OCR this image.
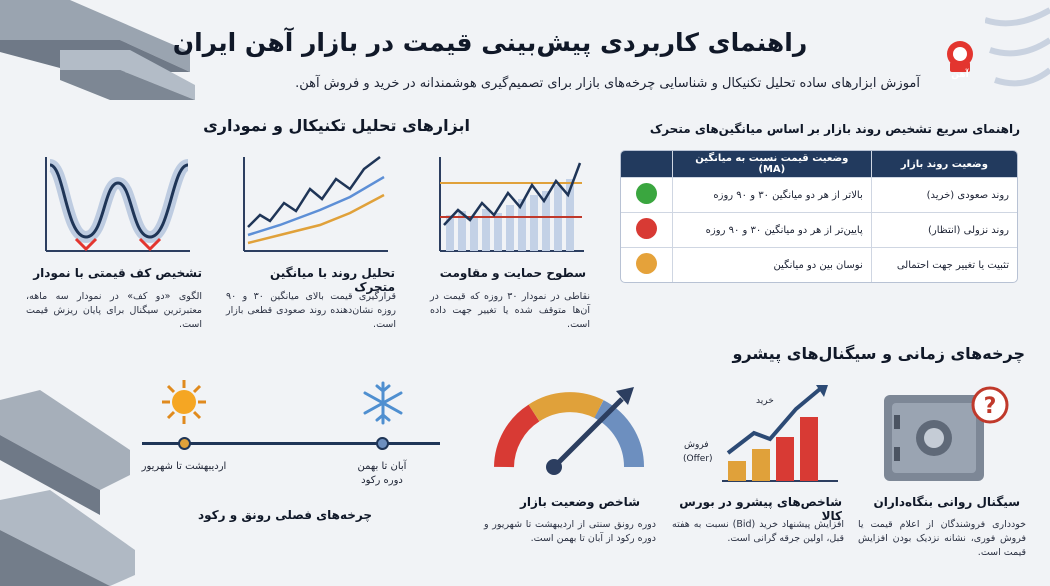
آهن
راهنمای کاربردی پیش‌بینی قیمت در بازار آهن ایران
آموزش ابزارهای ساده تحلیل تکنیکال و شناسایی چرخه‌های بازار برای تصمیم‌گیری هوشمندانه در خرید و فروش آهن.
ابزارهای تحلیل تکنیکال و نموداری
سطوح حمایت و مقاومت
نقاطی در نمودار ۳۰ روزه که قیمت در آن‌ها متوقف شده یا تغییر جهت داده است.
تحلیل روند با میانگین متحرک
قرارگیری قیمت بالای میانگین ۳۰ و ۹۰ روزه نشان‌دهنده روند صعودی قطعی بازار است.
تشخیص کف قیمتی با نمودار
الگوی «دو کف» در نمودار سه ماهه، معتبرترین سیگنال برای پایان ریزش قیمت است.
راهنمای سریع تشخیص روند بازار بر اساس میانگین‌های متحرک
وضعیت روند بازار	وضعیت قیمت نسبت به میانگین (MA)	
روند صعودی (خرید)	بالاتر از هر دو میانگین ۳۰ و ۹۰ روزه	
روند نزولی (انتظار)	پایین‌تر از هر دو میانگین ۳۰ و ۹۰ روزه	
تثبیت یا تغییر جهت احتمالی	نوسان بین دو میانگین	
چرخه‌های زمانی و سیگنال‌های پیشرو
?
سیگنال روانی بنگاه‌داران
خودداری فروشندگان از اعلام قیمت یا فروش فوری، نشانه نزدیک بودن افزایش قیمت است.
خرید
فروش
(Offer)
شاخص‌های پیشرو در بورس کالا
افزایش پیشنهاد خرید (Bid) نسبت به هفته قبل، اولین جرقه گرانی است.
شاخص وضعیت بازار
دوره رونق سنتی از اردیبهشت تا شهریور و دوره رکود از آبان تا بهمن است.
اردیبهشت تا شهریور	آبان تا بهمن
دوره رکود
چرخه‌های فصلی رونق و رکود
